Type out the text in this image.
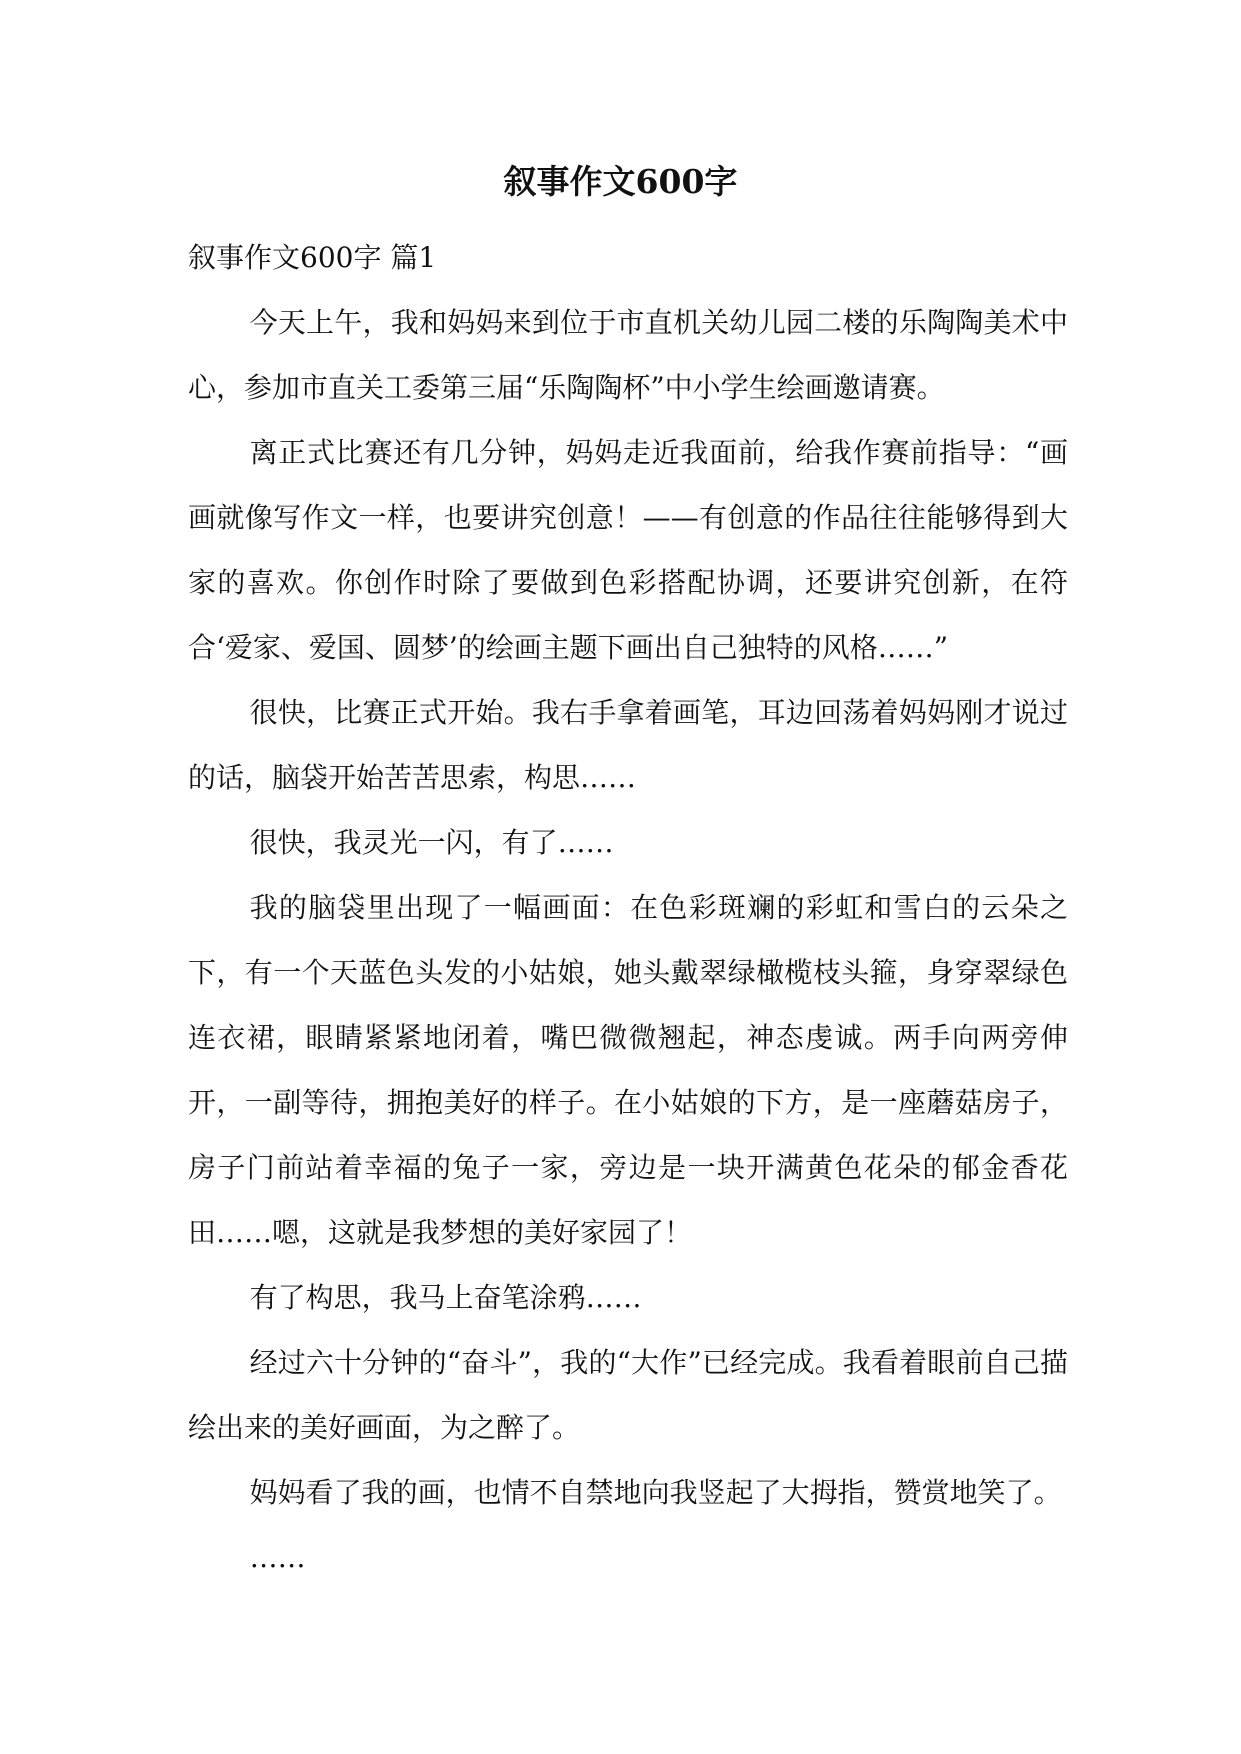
叙事作文600字

叙事作文600字 篇1

今天上午，我和妈妈来到位于市直机关幼儿园二楼的乐陶陶美术中心，参加市直关工委第三届“乐陶陶杯”中小学生绘画邀请赛。

离正式比赛还有几分钟，妈妈走近我面前，给我作赛前指导：“画画就像写作文一样，也要讲究创意！——有创意的作品往往能够得到大家的喜欢。你创作时除了要做到色彩搭配协调，还要讲究创新，在符合‘爱家、爱国、圆梦’的绘画主题下画出自己独特的风格……”

很快，比赛正式开始。我右手拿着画笔，耳边回荡着妈妈刚才说过的话，脑袋开始苦苦思索，构思……

很快，我灵光一闪，有了……

我的脑袋里出现了一幅画面：在色彩斑斓的彩虹和雪白的云朵之下，有一个天蓝色头发的小姑娘，她头戴翠绿橄榄枝头箍，身穿翠绿色连衣裙，眼睛紧紧地闭着，嘴巴微微翘起，神态虔诚。两手向两旁伸开，一副等待，拥抱美好的样子。在小姑娘的下方，是一座蘑菇房子，房子门前站着幸福的兔子一家，旁边是一块开满黄色花朵的郁金香花田……嗯，这就是我梦想的美好家园了！

有了构思，我马上奋笔涂鸦……

经过六十分钟的“奋斗”，我的“大作”已经完成。我看着眼前自己描绘出来的美好画面，为之醉了。

妈妈看了我的画，也情不自禁地向我竖起了大拇指，赞赏地笑了。

……
